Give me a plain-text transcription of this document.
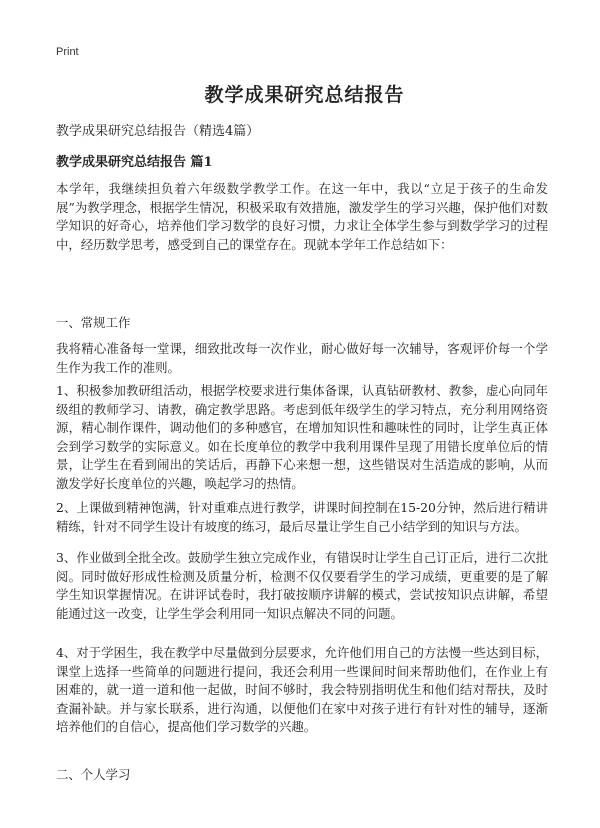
Print
教学成果研究总结报告

教学成果研究总结报告（精选4篇）

教学成果研究总结报告 篇1

本学年，我继续担负着六年级数学教学工作。在这一年中，我以“立足于孩子的生命发展”为教学理念，根据学生情况，积极采取有效措施，激发学生的学习兴趣，保护他们对数学知识的好奇心，培养他们学习数学的良好习惯，力求让全体学生参与到数学学习的过程中，经历数学思考，感受到自己的课堂存在。现就本学年工作总结如下：

一、常规工作

我将精心准备每一堂课，细致批改每一次作业，耐心做好每一次辅导，客观评价每一个学生作为我工作的准则。

1、积极参加教研组活动，根据学校要求进行集体备课，认真钻研教材、教参，虚心向同年级组的教师学习、请教，确定教学思路。考虑到低年级学生的学习特点，充分利用网络资源，精心制作课件，调动他们的多种感官，在增加知识性和趣味性的同时，让学生真正体会到学习数学的实际意义。如在长度单位的教学中我利用课件呈现了用错长度单位后的情景，让学生在看到闹出的笑话后，再静下心来想一想，这些错误对生活造成的影响，从而激发学好长度单位的兴趣，唤起学习的热情。

2、上课做到精神饱满，针对重难点进行教学，讲课时间控制在15-20分钟，然后进行精讲精练，针对不同学生设计有坡度的练习，最后尽量让学生自己小结学到的知识与方法。

3、作业做到全批全改。鼓励学生独立完成作业，有错误时让学生自己订正后，进行二次批阅。同时做好形成性检测及质量分析，检测不仅仅要看学生的学习成绩，更重要的是了解学生知识掌握情况。在讲评试卷时，我打破按顺序讲解的模式，尝试按知识点讲解，希望能通过这一改变，让学生学会利用同一知识点解决不同的问题。

4、对于学困生，我在教学中尽量做到分层要求，允许他们用自己的方法慢一些达到目标，课堂上选择一些简单的问题进行提问，我还会利用一些课间时间来帮助他们，在作业上有困难的，就一道一道和他一起做，时间不够时，我会特别指明优生和他们结对帮扶，及时查漏补缺。并与家长联系，进行沟通，以便他们在家中对孩子进行有针对性的辅导，逐渐培养他们的自信心，提高他们学习数学的兴趣。

二、个人学习
